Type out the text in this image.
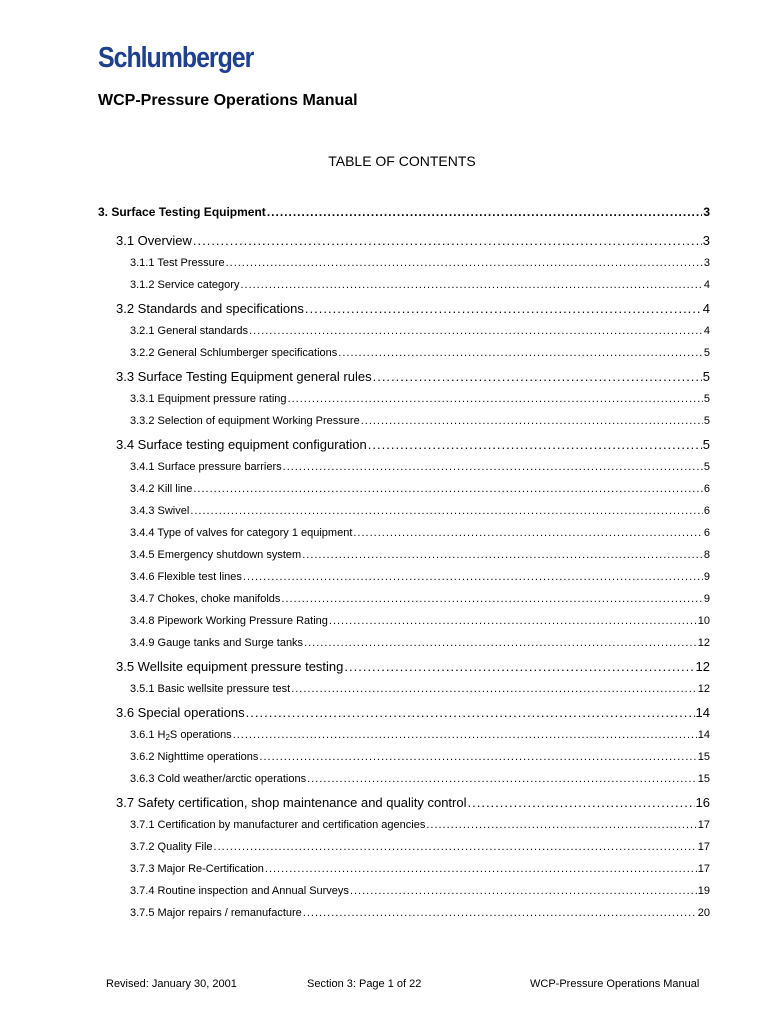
Schlumberger
WCP-Pressure Operations Manual
TABLE OF CONTENTS
3. Surface Testing Equipment .....	3
3.1 Overview .....	3
3.1.1 Test Pressure .....	3
3.1.2 Service category .....	4
3.2 Standards and specifications .....	4
3.2.1 General standards .....	4
3.2.2 General Schlumberger specifications .....	5
3.3 Surface Testing Equipment general rules .....	5
3.3.1 Equipment pressure rating .....	5
3.3.2 Selection of equipment Working Pressure .....	5
3.4 Surface testing equipment configuration .....	5
3.4.1 Surface pressure barriers .....	5
3.4.2 Kill line .....	6
3.4.3 Swivel .....	6
3.4.4 Type of valves for category 1 equipment .....	6
3.4.5 Emergency shutdown system .....	8
3.4.6 Flexible test lines .....	9
3.4.7 Chokes, choke manifolds .....	9
3.4.8 Pipework Working Pressure Rating .....	10
3.4.9 Gauge tanks and Surge tanks .....	12
3.5 Wellsite equipment pressure testing .....	12
3.5.1 Basic wellsite pressure test .....	12
3.6 Special operations .....	14
3.6.1 $H_2S$ operations .....	14
3.6.2 Nighttime operations .....	15
3.6.3 Cold weather/arctic operations .....	15
3.7 Safety certification, shop maintenance and quality control .....	16
3.7.1 Certification by manufacturer and certification agencies .....	17
3.7.2 Quality File .....	17
3.7.3 Major Re-Certification .....	17
3.7.4 Routine inspection and Annual Surveys .....	19
3.7.5 Major repairs / remanufacture .....	20
Revised: January 30, 2001	Section 3: Page 1 of 22	WCP-Pressure Operations Manual
